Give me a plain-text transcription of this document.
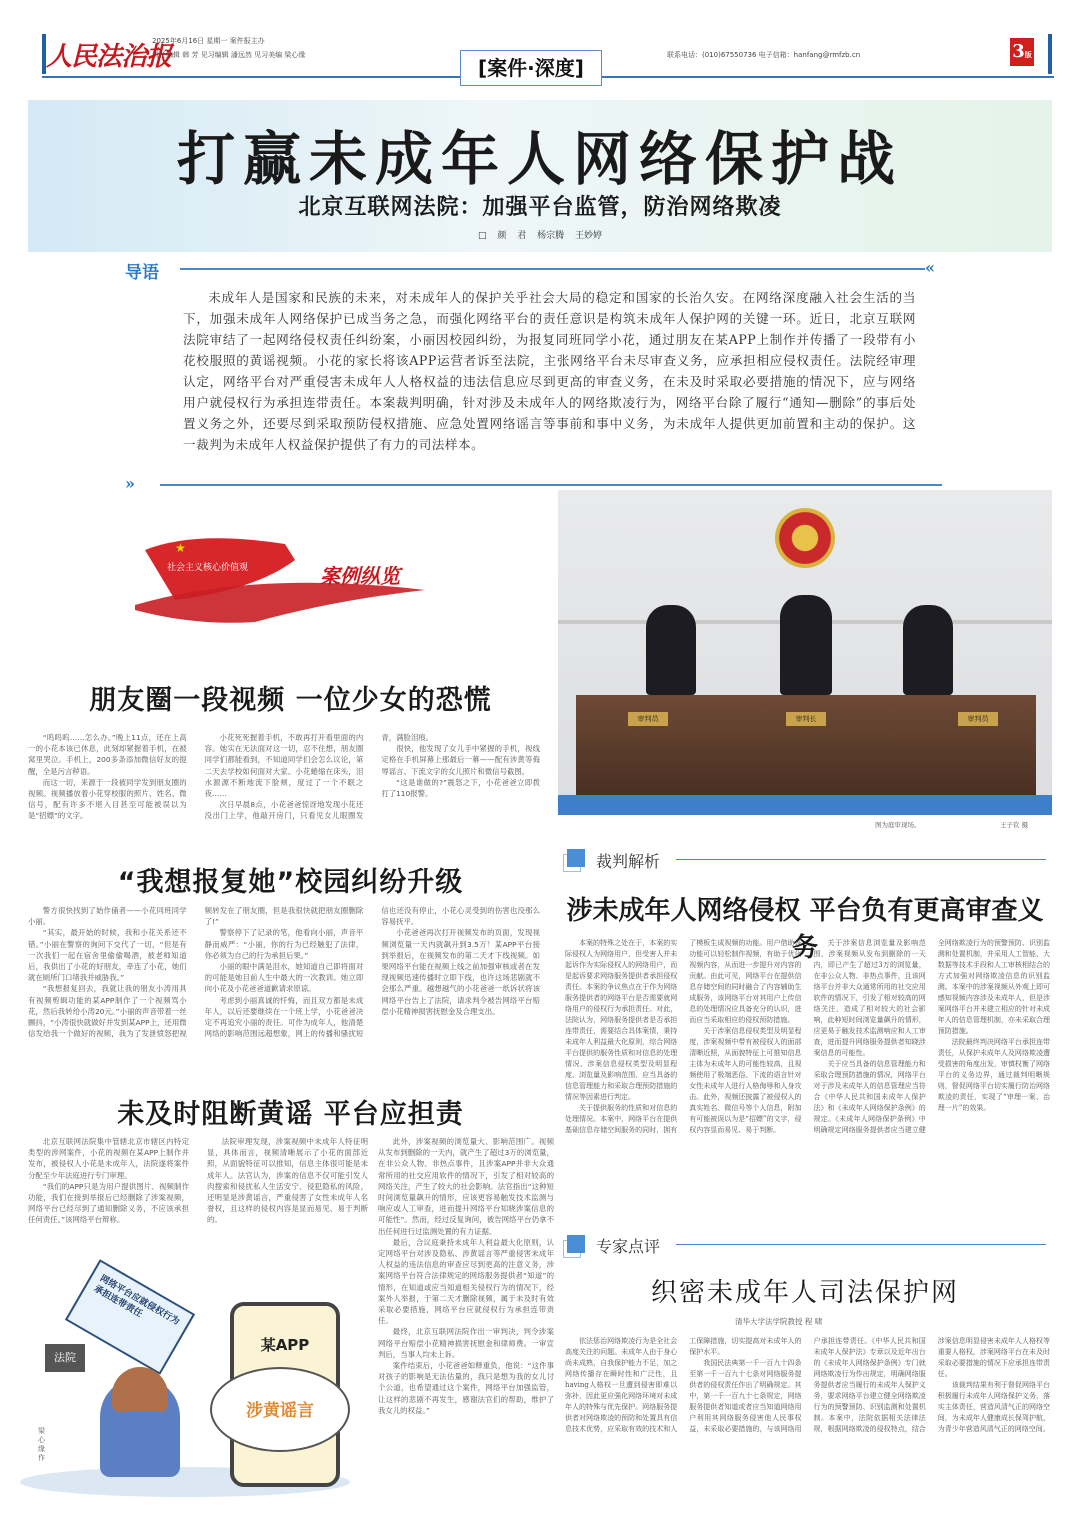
人民法治报
2025年6月16日 星期一 案件报主办
责任编辑 韩 芳 见习编辑 潘远然 见习美编 梁心缘
[案件·深度]
联系电话：(010)67550736 电子信箱：hanfang@rmfzb.cn	3版
打赢未成年人网络保护战
北京互联网法院：加强平台监管，防治网络欺凌
□ 颜 君 杨宗腾 王妙婷
导语	«
未成年人是国家和民族的未来，对未成年人的保护关乎社会大局的稳定和国家的长治久安。在网络深度融入社会生活的当下，加强未成年人网络保护已成当务之急，而强化网络平台的责任意识是构筑未成年人保护网的关键一环。近日，北京互联网法院审结了一起网络侵权责任纠纷案，小丽因校园纠纷，为报复同班同学小花，通过朋友在某APP上制作并传播了一段带有小花校服照的黄谣视频。小花的家长将该APP运营者诉至法院，主张网络平台未尽审查义务，应承担相应侵权责任。法院经审理认定，网络平台对严重侵害未成年人人格权益的违法信息应尽到更高的审查义务，在未及时采取必要措施的情况下，应与网络用户就侵权行为承担连带责任。本案裁判明确，针对涉及未成年人的网络欺凌行为，网络平台除了履行“通知—删除”的事后处置义务之外，还要尽到采取预防侵权措施、应急处置网络谣言等事前和事中义务，为未成年人提供更加前置和主动的保护。这一裁判为未成年人权益保护提供了有力的司法样本。
»
★
社会主义核心价值观	案例纵览
朋友圈一段视频 一位少女的恐慌

“呜呜呜……怎么办。”晚上11点，还在上高一的小花本该已休息，此刻却紧握着手机，在被窝里哭泣。手机上，200多条添加微信好友的提醒，全是污言秽语。

而这一切，来源于一段被同学发到朋友圈的视频。视频播放着小花穿校服的照片、姓名、微信号，配有许多不堪入目甚至可能被误以为是“招嫖”的文字。

小花死死握着手机，不敢再打开看里面的内容。她实在无法面对这一切，忍不住想，朋友圈同学们都能看到，不知道同学们会怎么议论，第二天去学校如何面对大家。小花蜷缩在床头，泪水源源不断地流下脸颊，度过了一个不眠之夜……

次日早晨8点，小花爸爸惊讶地发现小花还没出门上学，他敲开房门，只看见女儿眼圈发青，满脸泪痕。

很快，他发现了女儿手中紧握的手机，视线定格在手机屏幕上那最后一幕——配有涉黄等侮辱谣言、下流文字的女儿照片和微信号截图。

“这是谁做的?”震怒之下，小花爸爸立即拨打了110报警。

“我想报复她”校园纠纷升级

警方很快找到了始作俑者——小花同班同学小丽。

“其实，最开始的时候，我和小花关系还不错。”小丽在警察的询问下交代了一切，“但是有一次我们一起在宿舍里偷偷喝酒，被老师知道后，我供出了小花的好朋友，牵连了小花，她们就在厕所门口堵我并威胁我。”

“我想报复回去，我就让我的朋友小涛用具有视频剪辑功能的某APP制作了一个视频骂小花，然后我转给小涛20元。”小丽的声音带着一丝颤抖，“小涛很快就做好并发到某APP上，还用微信发给我一个做好的视频，我为了发泄愤怒把视频转发在了朋友圈，但是我很快就把朋友圈删除了!”

警察停下了记录的笔，他看向小丽，声音平静而威严：“小丽，你的行为已经触犯了法律，你必须为自己的行为承担后果。”

小丽的眼中满是泪水，她知道自己即将面对的可能是她目前人生中最大的一次教训。她立即向小花及小花爸爸道歉请求原谅。

考虑到小丽真诚的忏悔，而且双方都是未成年人，以后还要继续在一个班上学，小花爸爸决定不再追究小丽的责任。可作为成年人，他清楚网络的影响范围远超想象，网上的传播和骚扰短信也还没有停止，小花心灵受到的伤害也没那么容易抚平。

小花爸爸再次打开视频发布的页面，发现视频浏览量一天内就飙升到3.5万！某APP平台接到举报后，在视频发布的第二天才下线视频。如果网络平台能在视频上线之前加强审核或者在发现视频迅速传播时立即下线，也许这场悲剧就不会那么严重。越想越气的小花爸爸一纸诉状将该网络平台告上了法院，请求判令被告网络平台赔偿小花精神损害抚慰金及合理支出。

未及时阻断黄谣 平台应担责

北京互联网法院集中管辖北京市辖区内特定类型的涉网案件，小花的视频在某APP上制作并发布，被侵权人小花是未成年人，法院遂将案件分配至少年法庭进行专门审理。

“我们的APP只是为用户提供图片、视频制作功能，我们在接到举报后已经删除了涉案视频，网络平台已经尽到了通知删除义务，不应该承担任何责任。”该网络平台辩称。

法院审理发现，涉案视频中未成年人特征明显，具体而言，视频清晰展示了小花的面部近照，从面貌特征可以推知，信息主体很可能是未成年人。法官认为，涉案的信息不仅可能引发人肉搜索和侵扰私人生活安宁、侵犯隐私的风险，还明显是涉黄谣言，严重侵害了女性未成年人名誉权，且这样的侵权内容是显而易见、易于判断的。

此外，涉案视频的浏览量大、影响范围广。视频从发布到删除的一天内，就产生了超过3万的浏览量，在非公众人物、非热点事件，且涉案APP并非大众通常所用的社交应用软件的情况下，引发了相对较高的网络关注，产生了较大的社会影响。法官指出“这种短时间浏览量飙升的情形，应该更容易触发技术监测与响应或人工审查，进而提升网络平台知晓涉案信息的可能性”。然而，经过反复询问，被告网络平台仍拿不出任何进行过监测处置的有力证据。

最后，合议庭秉持未成年人利益最大化原则，认定网络平台对涉及隐私、涉黄谣言等严重侵害未成年人权益的违法信息的审查应尽到更高的注意义务，涉案网络平台符合法律规定的网络服务提供者“知道”的情形，在知道或应当知道相关侵权行为的情况下，经案外人举报，于第二天才删除视频，属于未及时有效采取必要措施，网络平台应就侵权行为承担连带责任。

最终，北京互联网法院作出一审判决，判令涉案网络平台赔偿小花精神损害抚慰金和律师费。一审宣判后，当事人均未上诉。

案件结束后，小花爸爸如释重负，他说：“这件事对孩子的影响是无法估量的，我只是想为我的女儿讨个公道，也希望通过这个案件，网络平台加强监管，让这样的悲剧不再发生，感谢法官们的帮助，维护了我女儿的权益。”

网络平台应就侵权行为承担连带责任
法院
某APP
涉黄谣言
梁心缘 作
审判员	审判长	审判员
图为庭审现场。	王子钦 摄
裁判解析
涉未成年人网络侵权 平台负有更高审查义务

本案的特殊之处在于，本案的实际侵权人为网络用户，但受害人并未起诉作为实际侵权人的网络用户，而是起诉要求网络服务提供者承担侵权责任。本案的争议焦点在于作为网络服务提供者的网络平台是否需要就网络用户的侵权行为承担责任。对此，法院认为，网络服务提供者是否承担连带责任，需要结合具体案情，秉持未成年人利益最大化原则，综合网络平台提供的服务性质和对信息的处理情况、涉案信息侵权类型及明显程度、浏览量及影响范围、应当具备的信息管理能力和采取合理预防措施的情况等因素进行判定。

关于提供服务的性质和对信息的处理情况。本案中，网络平台在提供基础信息存储空间服务的同时，拥有了模板生成视频的功能。用户借助该功能可以轻松制作视频，有助于优化视频内容，从而进一步提升对内容的贡献。由此可见，网络平台在提供信息存储空间的同时融合了内容辅助生成服务，该网络平台对其用户上传信息的处理情况应具备充分的认识，进而应当采取相应的侵权预防措施。

关于涉案信息侵权类型及明显程度，涉案视频中带有被侵权人的面部清晰近照，从面貌特征上可推知信息主体为未成年人的可能性较高，且视频使用了极端恶俗、下流的语言针对女性未成年人进行人格侮辱和人身攻击。此外，视频还披露了被侵权人的真实姓名、微信号等个人信息，附加有可能被误以为是“招嫖”的文字，侵权内容显而易见、易于判断。

关于涉案信息浏览量及影响范围，涉案视频从发布到删除的一天内，即已产生了超过3万的浏览量，在非公众人物、非热点事件，且该网络平台并非大众通常所用的社交应用软件的情况下，引发了相对较高的网络关注，造成了相对较大的社会影响，此种短时间浏览量飙升的情形，应更易于触发技术监测响应和人工审查，进而提升网络服务提供者知晓涉案信息的可能性。

关于应当具备的信息管理能力和采取合理预防措施的情况，网络平台对于涉及未成年人的信息管理应当符合《中华人民共和国未成年人保护法》和《未成年人网络保护条例》的规定。《未成年人网络保护条例》中明确规定网络服务提供者应当建立健全网络欺凌行为的预警预防、识别监测和处置机制，并采用人工智能、大数据等技术手段和人工审核相结合的方式加强对网络欺凌信息的识别监测。本案中的涉案视频从外观上即可感知视频内容涉及未成年人，但是涉案网络平台并未建立相应的针对未成年人的信息管理机制，亦未采取合理预防措施。

法院最终判决网络平台承担连带责任，从保护未成年人及网络欺凌遭受损害的角度出发，审慎权衡了网络平台的义务边界，通过裁判明晰规则，督促网络平台切实履行防治网络欺凌的责任，实现了“审理一案、治理一片”的效果。

专家点评
织密未成年人司法保护网
清华大学法学院教授 程 啸

依法惩治网络欺凌行为是全社会高度关注的问题。未成年人由于身心尚未成熟，自我保护能力不足，加之网络传播存在瞬时性和广泛性，且having人格权一旦遭到侵害即难以弥补，因此更应强化网络环境对未成年人的特殊与优先保护。网络服务提供者对网络欺凌的预防和处置具有信息技术优势，应采取有效的技术和人工保障措施，切实提高对未成年人的保护水平。

我国民法典第一千一百九十四条至第一千一百九十七条对网络服务提供者的侵权责任作出了明确规定。其中，第一千一百九十七条规定，网络服务提供者知道或者应当知道网络用户利用其网络服务侵害他人民事权益，未采取必要措施的，与该网络用户承担连带责任。《中华人民共和国未成年人保护法》专章以及近年出台的《未成年人网络保护条例》专门就网络欺凌行为作出规定，明确网络服务提供者应当履行的未成年人保护义务，要求网络平台建立健全网络欺凌行为的预警预防、识别监测和处置机制。本案中，法院依据相关法律法规，根据网络欺凌的侵权特点，结合涉案信息明显侵害未成年人人格权等重要人格权，涉案网络平台在未及时采取必要措施的情况下应承担连带责任。

该裁判结果有利于督促网络平台积极履行未成年人网络保护义务，落实主体责任，营造风清气正的网络空间，为未成年人健康成长保驾护航，为青少年营造风清气正的网络空间。
